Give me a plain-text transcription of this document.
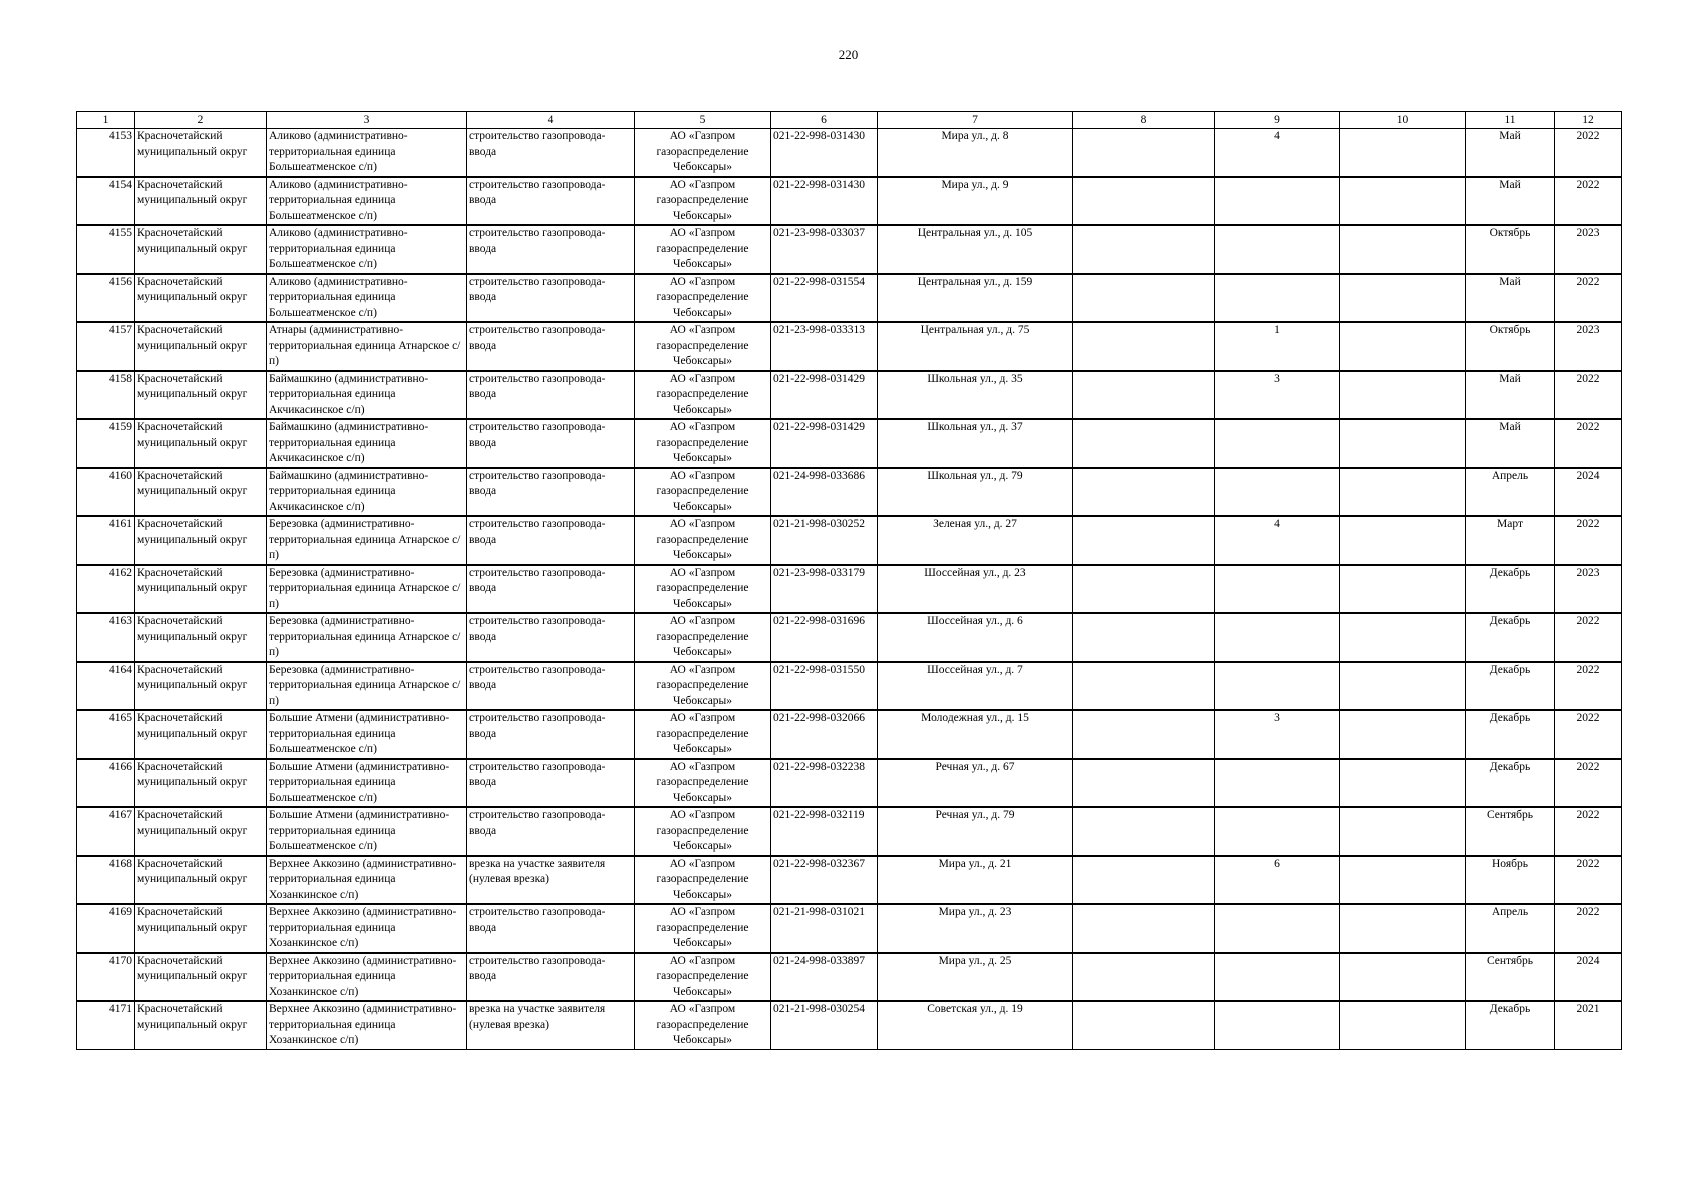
220
1	2	3	4	5	6	7	8	9	10	11	12
4153	Красночетайский муниципальный округ	Аликово (административно-территориальная единица Большеатменское с/п)	строительство газопровода-ввода	АО «Газпром газораспределение Чебоксары»	021-22-998-031430	Мира ул., д. 8		4		Май	2022
4154	Красночетайский муниципальный округ	Аликово (административно-территориальная единица Большеатменское с/п)	строительство газопровода-ввода	АО «Газпром газораспределение Чебоксары»	021-22-998-031430	Мира ул., д. 9				Май	2022
4155	Красночетайский муниципальный округ	Аликово (административно-территориальная единица Большеатменское с/п)	строительство газопровода-ввода	АО «Газпром газораспределение Чебоксары»	021-23-998-033037	Центральная ул., д. 105				Октябрь	2023
4156	Красночетайский муниципальный округ	Аликово (административно-территориальная единица Большеатменское с/п)	строительство газопровода-ввода	АО «Газпром газораспределение Чебоксары»	021-22-998-031554	Центральная ул., д. 159				Май	2022
4157	Красночетайский муниципальный округ	Атнары (административно-территориальная единица Атнарское с/п)	строительство газопровода-ввода	АО «Газпром газораспределение Чебоксары»	021-23-998-033313	Центральная ул., д. 75		1		Октябрь	2023
4158	Красночетайский муниципальный округ	Баймашкино (административно-территориальная единица Акчикасинское с/п)	строительство газопровода-ввода	АО «Газпром газораспределение Чебоксары»	021-22-998-031429	Школьная ул., д. 35		3		Май	2022
4159	Красночетайский муниципальный округ	Баймашкино (административно-территориальная единица Акчикасинское с/п)	строительство газопровода-ввода	АО «Газпром газораспределение Чебоксары»	021-22-998-031429	Школьная ул., д. 37				Май	2022
4160	Красночетайский муниципальный округ	Баймашкино (административно-территориальная единица Акчикасинское с/п)	строительство газопровода-ввода	АО «Газпром газораспределение Чебоксары»	021-24-998-033686	Школьная ул., д. 79				Апрель	2024
4161	Красночетайский муниципальный округ	Березовка (административно-территориальная единица Атнарское с/п)	строительство газопровода-ввода	АО «Газпром газораспределение Чебоксары»	021-21-998-030252	Зеленая ул., д. 27		4		Март	2022
4162	Красночетайский муниципальный округ	Березовка (административно-территориальная единица Атнарское с/п)	строительство газопровода-ввода	АО «Газпром газораспределение Чебоксары»	021-23-998-033179	Шоссейная ул., д. 23				Декабрь	2023
4163	Красночетайский муниципальный округ	Березовка (административно-территориальная единица Атнарское с/п)	строительство газопровода-ввода	АО «Газпром газораспределение Чебоксары»	021-22-998-031696	Шоссейная ул., д. 6				Декабрь	2022
4164	Красночетайский муниципальный округ	Березовка (административно-территориальная единица Атнарское с/п)	строительство газопровода-ввода	АО «Газпром газораспределение Чебоксары»	021-22-998-031550	Шоссейная ул., д. 7				Декабрь	2022
4165	Красночетайский муниципальный округ	Большие Атмени (административно-территориальная единица Большеатменское с/п)	строительство газопровода-ввода	АО «Газпром газораспределение Чебоксары»	021-22-998-032066	Молодежная ул., д. 15		3		Декабрь	2022
4166	Красночетайский муниципальный округ	Большие Атмени (административно-территориальная единица Большеатменское с/п)	строительство газопровода-ввода	АО «Газпром газораспределение Чебоксары»	021-22-998-032238	Речная ул., д. 67				Декабрь	2022
4167	Красночетайский муниципальный округ	Большие Атмени (административно-территориальная единица Большеатменское с/п)	строительство газопровода-ввода	АО «Газпром газораспределение Чебоксары»	021-22-998-032119	Речная ул., д. 79				Сентябрь	2022
4168	Красночетайский муниципальный округ	Верхнее Аккозино (административно-территориальная единица Хозанкинское с/п)	врезка на участке заявителя (нулевая врезка)	АО «Газпром газораспределение Чебоксары»	021-22-998-032367	Мира ул., д. 21		6		Ноябрь	2022
4169	Красночетайский муниципальный округ	Верхнее Аккозино (административно-территориальная единица Хозанкинское с/п)	строительство газопровода-ввода	АО «Газпром газораспределение Чебоксары»	021-21-998-031021	Мира ул., д. 23				Апрель	2022
4170	Красночетайский муниципальный округ	Верхнее Аккозино (административно-территориальная единица Хозанкинское с/п)	строительство газопровода-ввода	АО «Газпром газораспределение Чебоксары»	021-24-998-033897	Мира ул., д. 25				Сентябрь	2024
4171	Красночетайский муниципальный округ	Верхнее Аккозино (административно-территориальная единица Хозанкинское с/п)	врезка на участке заявителя (нулевая врезка)	АО «Газпром газораспределение Чебоксары»	021-21-998-030254	Советская ул., д. 19				Декабрь	2021
